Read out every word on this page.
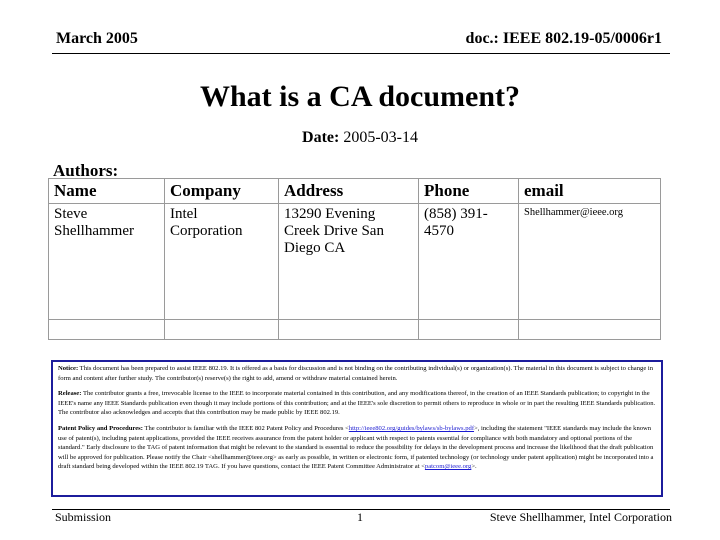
March 2005	doc.: IEEE 802.19-05/0006r1
What is a CA document?
Date: 2005-03-14
Authors:
Name	Company	Address	Phone	email
Steve Shellhammer	Intel Corporation	13290 Evening Creek Drive San Diego CA	(858) 391-4570	Shellhammer@ieee.org

Notice: This document has been prepared to assist IEEE 802.19. It is offered as a basis for discussion and is not binding on the contributing individual(s) or organization(s). The material in this document is subject to change in form and content after further study. The contributor(s) reserve(s) the right to add, amend or withdraw material contained herein.

Release: The contributor grants a free, irrevocable license to the IEEE to incorporate material contained in this contribution, and any modifications thereof, in the creation of an IEEE Standards publication; to copyright in the IEEE's name any IEEE Standards publication even though it may include portions of this contribution; and at the IEEE's sole discretion to permit others to reproduce in whole or in part the resulting IEEE Standards publication. The contributor also acknowledges and accepts that this contribution may be made public by IEEE 802.19.

Patent Policy and Procedures: The contributor is familiar with the IEEE 802 Patent Policy and Procedures <http://ieee802.org/guides/bylaws/sb-bylaws.pdf>, including the statement "IEEE standards may include the known use of patent(s), including patent applications, provided the IEEE receives assurance from the patent holder or applicant with respect to patents essential for compliance with both mandatory and optional portions of the standard." Early disclosure to the TAG of patent information that might be relevant to the standard is essential to reduce the possibility for delays in the development process and increase the likelihood that the draft publication will be approved for publication. Please notify the Chair <shellhammer@ieee.org> as early as possible, in written or electronic form, if patented technology (or technology under patent application) might be incorporated into a draft standard being developed within the IEEE 802.19 TAG. If you have questions, contact the IEEE Patent Committee Administrator at <patcom@ieee.org>.

Submission	1	Steve Shellhammer, Intel Corporation
